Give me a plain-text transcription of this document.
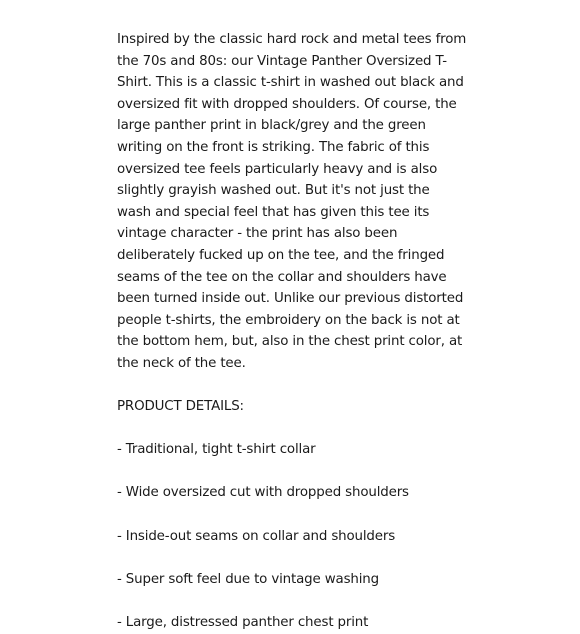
Inspired by the classic hard rock and metal tees from the 70s and 80s: our Vintage Panther Oversized T-Shirt. This is a classic t-shirt in washed out black and oversized fit with dropped shoulders. Of course, the large panther print in black/grey and the green writing on the front is striking. The fabric of this oversized tee feels particularly heavy and is also slightly grayish washed out. But it's not just the wash and special feel that has given this tee its vintage character - the print has also been deliberately fucked up on the tee, and the fringed seams of the tee on the collar and shoulders have been turned inside out. Unlike our previous distorted people t-shirts, the embroidery on the back is not at the bottom hem, but, also in the chest print color, at the neck of the tee.

PRODUCT DETAILS:

- Traditional, tight t-shirt collar
- Wide oversized cut with dropped shoulders
- Inside-out seams on collar and shoulders
- Super soft feel due to vintage washing
- Large, distressed panther chest print
